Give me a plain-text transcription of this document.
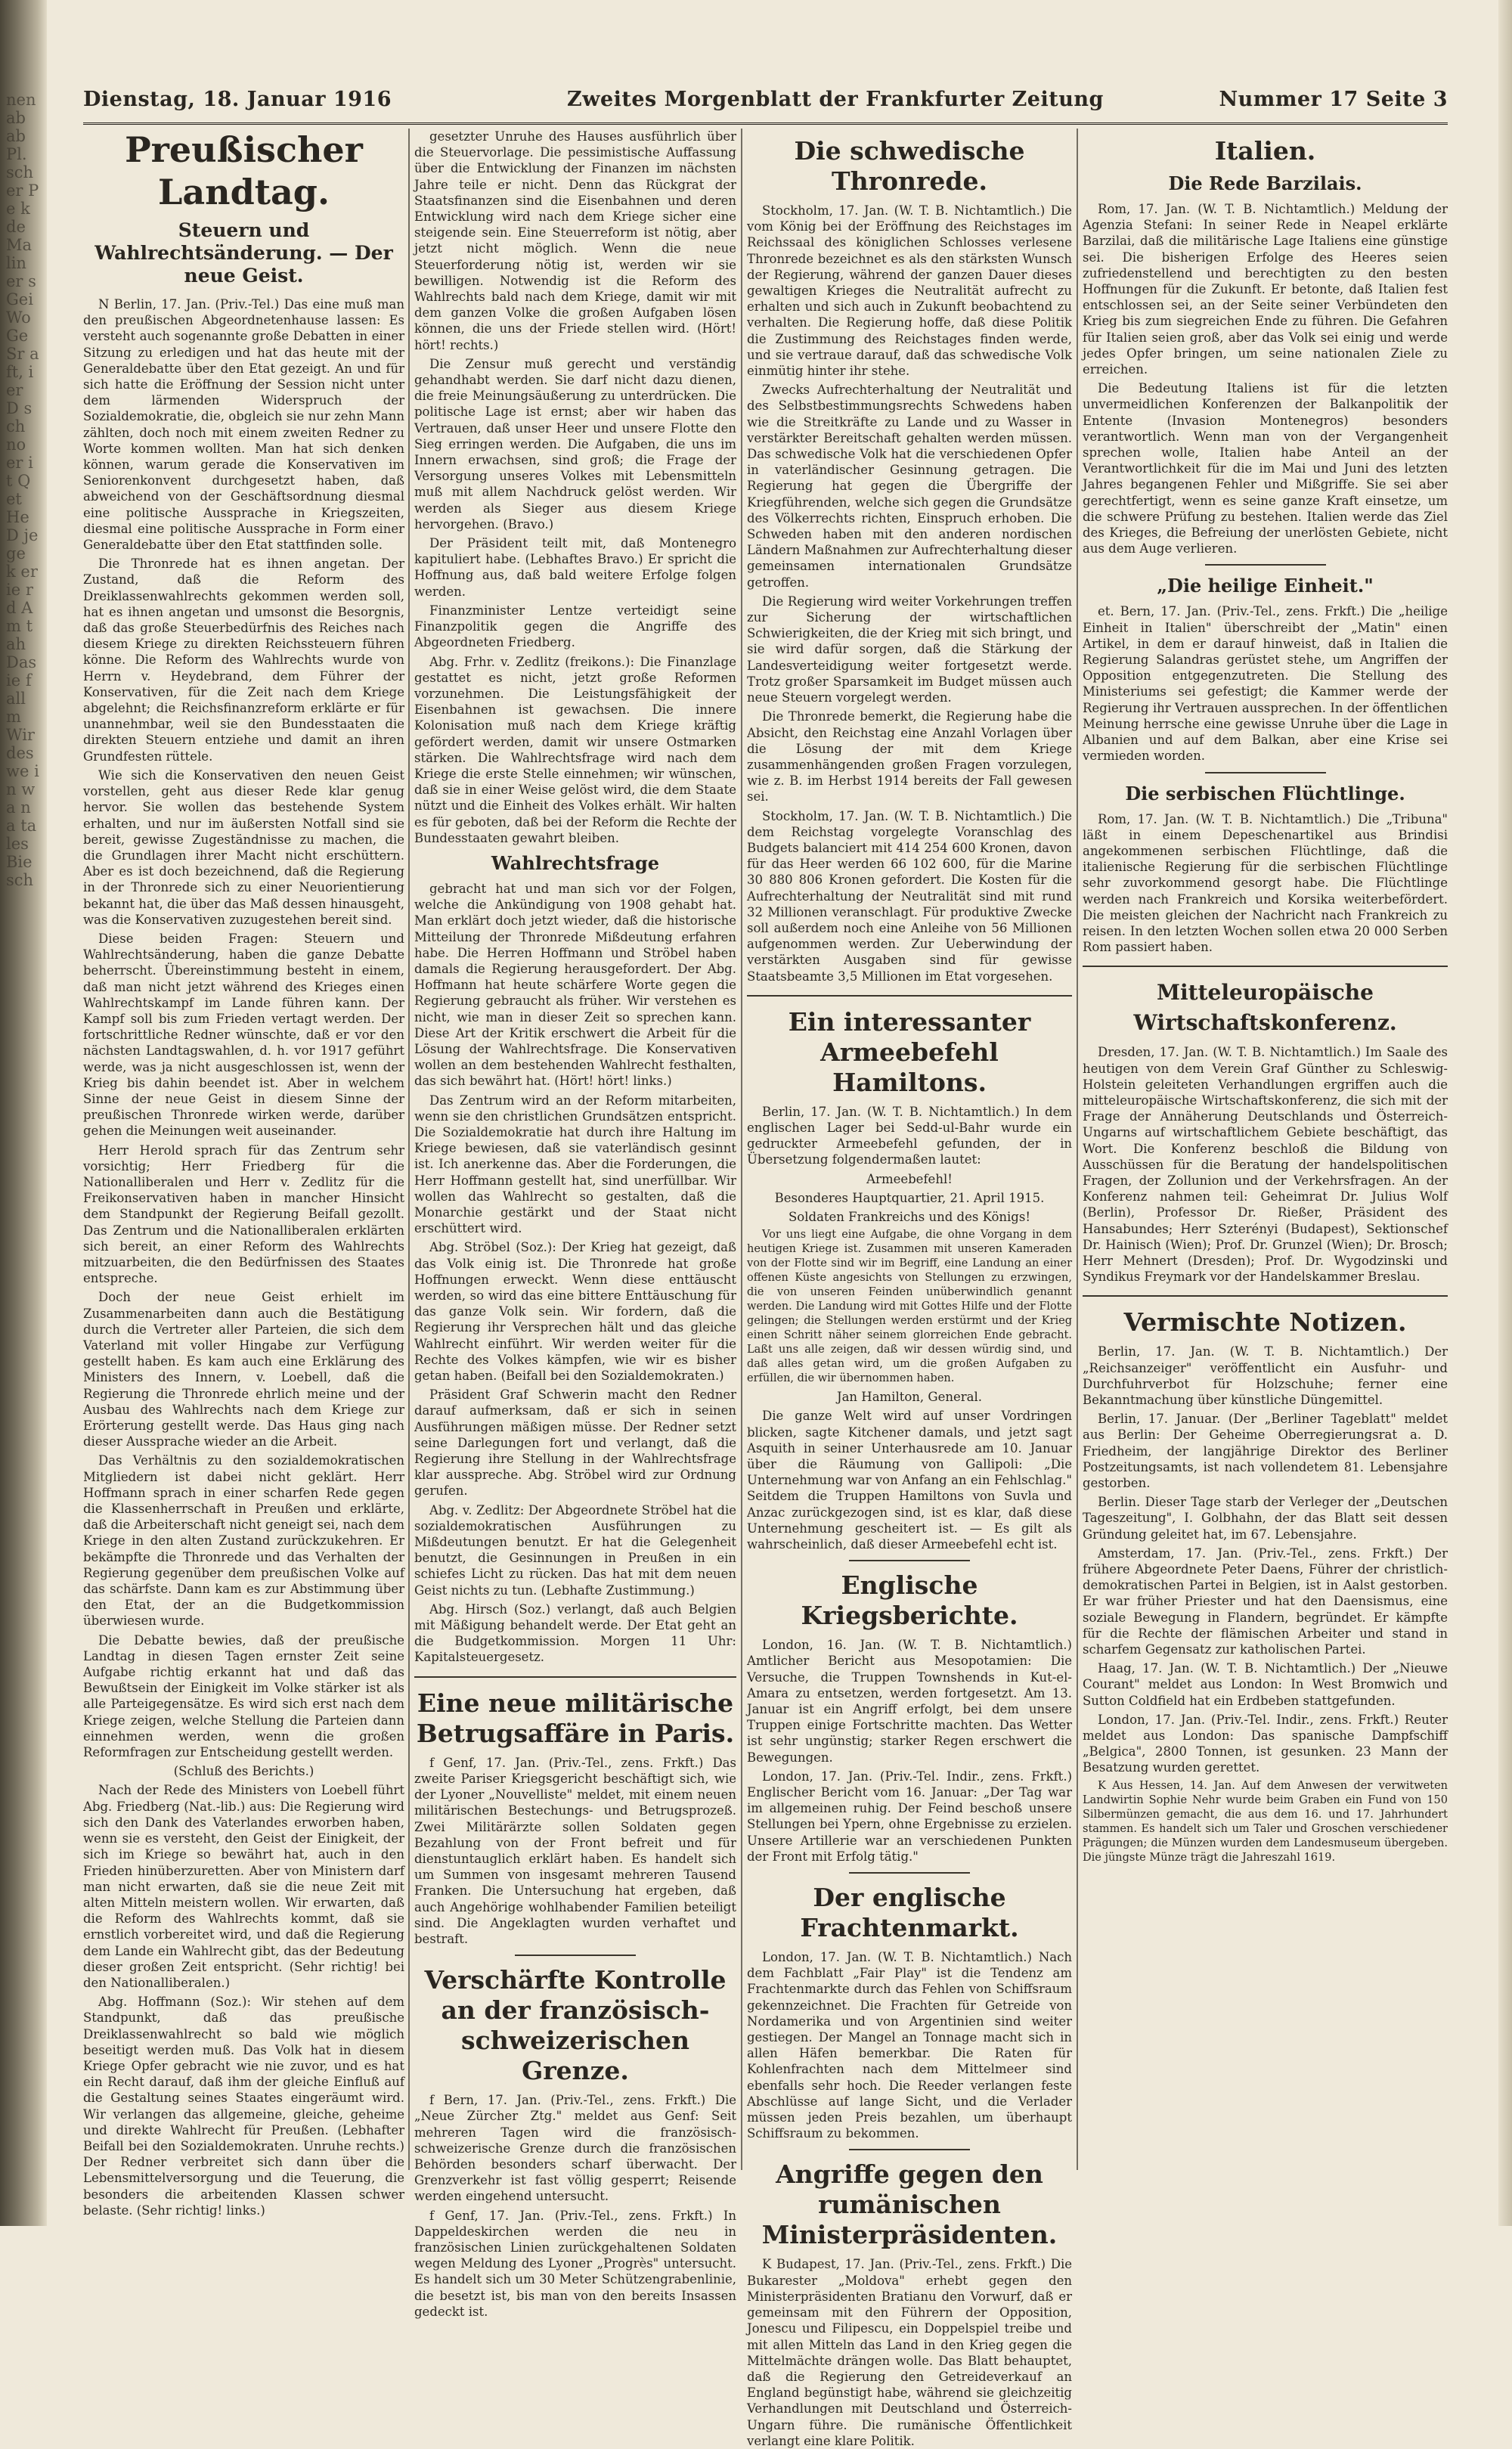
nen ab ab Pl. sch er Pe k de Ma lin er s Gei Wo Ge Sr aft, ier D sch no er it Qet He D je ge k er ie rd Am tah Das ie fall m Wir des we in wa na ta les Bie sch
Dienstag, 18. Januar 1916	Zweites Morgenblatt der Frankfurter Zeitung	Nummer 17 Seite 3
Preußischer Landtag.
Steuern und Wahlrechtsänderung. — Der neue Geist.

N Berlin, 17. Jan. (Priv.-Tel.) Das eine muß man den preußischen Abgeordnetenhause lassen: Es versteht auch sogenannte große Debatten in einer Sitzung zu erledigen und hat das heute mit der Generaldebatte über den Etat gezeigt. An und für sich hatte die Eröffnung der Session nicht unter dem lärmenden Widerspruch der Sozialdemokratie, die, obgleich sie nur zehn Mann zählten, doch noch mit einem zweiten Redner zu Worte kommen wollten. Man hat sich denken können, warum gerade die Konservativen im Seniorenkonvent durchgesetzt haben, daß abweichend von der Geschäftsordnung diesmal eine politische Aussprache in Kriegszeiten, diesmal eine politische Aussprache in Form einer Generaldebatte über den Etat stattfinden solle.

Die Thronrede hat es ihnen angetan. Der Zustand, daß die Reform des Dreiklassenwahlrechts gekommen werden soll, hat es ihnen angetan und umsonst die Besorgnis, daß das große Steuerbedürfnis des Reiches nach diesem Kriege zu direkten Reichssteuern führen könne. Die Reform des Wahlrechts wurde von Herrn v. Heydebrand, dem Führer der Konservativen, für die Zeit nach dem Kriege abgelehnt; die Reichsfinanzreform erklärte er für unannehmbar, weil sie den Bundesstaaten die direkten Steuern entziehe und damit an ihren Grundfesten rüttele.

Wie sich die Konservativen den neuen Geist vorstellen, geht aus dieser Rede klar genug hervor. Sie wollen das bestehende System erhalten, und nur im äußersten Notfall sind sie bereit, gewisse Zugeständnisse zu machen, die die Grundlagen ihrer Macht nicht erschüttern. Aber es ist doch bezeichnend, daß die Regierung in der Thronrede sich zu einer Neuorientierung bekannt hat, die über das Maß dessen hinausgeht, was die Konservativen zuzugestehen bereit sind.

Diese beiden Fragen: Steuern und Wahlrechtsänderung, haben die ganze Debatte beherrscht. Übereinstimmung besteht in einem, daß man nicht jetzt während des Krieges einen Wahlrechtskampf im Lande führen kann. Der Kampf soll bis zum Frieden vertagt werden. Der fortschrittliche Redner wünschte, daß er vor den nächsten Landtagswahlen, d. h. vor 1917 geführt werde, was ja nicht ausgeschlossen ist, wenn der Krieg bis dahin beendet ist. Aber in welchem Sinne der neue Geist in diesem Sinne der preußischen Thronrede wirken werde, darüber gehen die Meinungen weit auseinander.

Herr Herold sprach für das Zentrum sehr vorsichtig; Herr Friedberg für die Nationalliberalen und Herr v. Zedlitz für die Freikonservativen haben in mancher Hinsicht dem Standpunkt der Regierung Beifall gezollt. Das Zentrum und die Nationalliberalen erklärten sich bereit, an einer Reform des Wahlrechts mitzuarbeiten, die den Bedürfnissen des Staates entspreche.

Doch der neue Geist erhielt im Zusammenarbeiten dann auch die Bestätigung durch die Vertreter aller Parteien, die sich dem Vaterland mit voller Hingabe zur Verfügung gestellt haben. Es kam auch eine Erklärung des Ministers des Innern, v. Loebell, daß die Regierung die Thronrede ehrlich meine und der Ausbau des Wahlrechts nach dem Kriege zur Erörterung gestellt werde. Das Haus ging nach dieser Aussprache wieder an die Arbeit.

Das Verhältnis zu den sozialdemokratischen Mitgliedern ist dabei nicht geklärt. Herr Hoffmann sprach in einer scharfen Rede gegen die Klassenherrschaft in Preußen und erklärte, daß die Arbeiterschaft nicht geneigt sei, nach dem Kriege in den alten Zustand zurückzukehren. Er bekämpfte die Thronrede und das Verhalten der Regierung gegenüber dem preußischen Volke auf das schärfste. Dann kam es zur Abstimmung über den Etat, der an die Budgetkommission überwiesen wurde.

Die Debatte bewies, daß der preußische Landtag in diesen Tagen ernster Zeit seine Aufgabe richtig erkannt hat und daß das Bewußtsein der Einigkeit im Volke stärker ist als alle Parteigegensätze. Es wird sich erst nach dem Kriege zeigen, welche Stellung die Parteien dann einnehmen werden, wenn die großen Reformfragen zur Entscheidung gestellt werden.

(Schluß des Berichts.)

Nach der Rede des Ministers von Loebell führt Abg. Friedberg (Nat.-lib.) aus: Die Regierung wird sich den Dank des Vaterlandes erworben haben, wenn sie es versteht, den Geist der Einigkeit, der sich im Kriege so bewährt hat, auch in den Frieden hinüberzuretten. Aber von Ministern darf man nicht erwarten, daß sie die neue Zeit mit alten Mitteln meistern wollen. Wir erwarten, daß die Reform des Wahlrechts kommt, daß sie ernstlich vorbereitet wird, und daß die Regierung dem Lande ein Wahlrecht gibt, das der Bedeutung dieser großen Zeit entspricht. (Sehr richtig! bei den Nationalliberalen.)

Abg. Hoffmann (Soz.): Wir stehen auf dem Standpunkt, daß das preußische Dreiklassenwahlrecht so bald wie möglich beseitigt werden muß. Das Volk hat in diesem Kriege Opfer gebracht wie nie zuvor, und es hat ein Recht darauf, daß ihm der gleiche Einfluß auf die Gestaltung seines Staates eingeräumt wird. Wir verlangen das allgemeine, gleiche, geheime und direkte Wahlrecht für Preußen. (Lebhafter Beifall bei den Sozialdemokraten. Unruhe rechts.) Der Redner verbreitet sich dann über die Lebensmittelversorgung und die Teuerung, die besonders die arbeitenden Klassen schwer belaste. (Sehr richtig! links.)

gesetzter Unruhe des Hauses ausführlich über die Steuervorlage. Die pessimistische Auffassung über die Entwicklung der Finanzen im nächsten Jahre teile er nicht. Denn das Rückgrat der Staatsfinanzen sind die Eisenbahnen und deren Entwicklung wird nach dem Kriege sicher eine steigende sein. Eine Steuerreform ist nötig, aber jetzt nicht möglich. Wenn die neue Steuerforderung nötig ist, werden wir sie bewilligen. Notwendig ist die Reform des Wahlrechts bald nach dem Kriege, damit wir mit dem ganzen Volke die großen Aufgaben lösen können, die uns der Friede stellen wird. (Hört! hört! rechts.)

Die Zensur muß gerecht und verständig gehandhabt werden. Sie darf nicht dazu dienen, die freie Meinungsäußerung zu unterdrücken. Die politische Lage ist ernst; aber wir haben das Vertrauen, daß unser Heer und unsere Flotte den Sieg erringen werden. Die Aufgaben, die uns im Innern erwachsen, sind groß; die Frage der Versorgung unseres Volkes mit Lebensmitteln muß mit allem Nachdruck gelöst werden. Wir werden als Sieger aus diesem Kriege hervorgehen. (Bravo.)

Der Präsident teilt mit, daß Montenegro kapituliert habe. (Lebhaftes Bravo.) Er spricht die Hoffnung aus, daß bald weitere Erfolge folgen werden.

Finanzminister Lentze verteidigt seine Finanzpolitik gegen die Angriffe des Abgeordneten Friedberg.

Abg. Frhr. v. Zedlitz (freikons.): Die Finanzlage gestattet es nicht, jetzt große Reformen vorzunehmen. Die Leistungsfähigkeit der Eisenbahnen ist gewachsen. Die innere Kolonisation muß nach dem Kriege kräftig gefördert werden, damit wir unsere Ostmarken stärken. Die Wahlrechtsfrage wird nach dem Kriege die erste Stelle einnehmen; wir wünschen, daß sie in einer Weise gelöst wird, die dem Staate nützt und die Einheit des Volkes erhält. Wir halten es für geboten, daß bei der Reform die Rechte der Bundesstaaten gewahrt bleiben.

Wahlrechtsfrage

gebracht hat und man sich vor der Folgen, welche die Ankündigung von 1908 gehabt hat. Man erklärt doch jetzt wieder, daß die historische Mitteilung der Thronrede Mißdeutung erfahren habe. Die Herren Hoffmann und Ströbel haben damals die Regierung herausgefordert. Der Abg. Hoffmann hat heute schärfere Worte gegen die Regierung gebraucht als früher. Wir verstehen es nicht, wie man in dieser Zeit so sprechen kann. Diese Art der Kritik erschwert die Arbeit für die Lösung der Wahlrechtsfrage. Die Konservativen wollen an dem bestehenden Wahlrecht festhalten, das sich bewährt hat. (Hört! hört! links.)

Das Zentrum wird an der Reform mitarbeiten, wenn sie den christlichen Grundsätzen entspricht. Die Sozialdemokratie hat durch ihre Haltung im Kriege bewiesen, daß sie vaterländisch gesinnt ist. Ich anerkenne das. Aber die Forderungen, die Herr Hoffmann gestellt hat, sind unerfüllbar. Wir wollen das Wahlrecht so gestalten, daß die Monarchie gestärkt und der Staat nicht erschüttert wird.

Abg. Ströbel (Soz.): Der Krieg hat gezeigt, daß das Volk einig ist. Die Thronrede hat große Hoffnungen erweckt. Wenn diese enttäuscht werden, so wird das eine bittere Enttäuschung für das ganze Volk sein. Wir fordern, daß die Regierung ihr Versprechen hält und das gleiche Wahlrecht einführt. Wir werden weiter für die Rechte des Volkes kämpfen, wie wir es bisher getan haben. (Beifall bei den Sozialdemokraten.)

Präsident Graf Schwerin macht den Redner darauf aufmerksam, daß er sich in seinen Ausführungen mäßigen müsse. Der Redner setzt seine Darlegungen fort und verlangt, daß die Regierung ihre Stellung in der Wahlrechtsfrage klar ausspreche. Abg. Ströbel wird zur Ordnung gerufen.

Abg. v. Zedlitz: Der Abgeordnete Ströbel hat die sozialdemokratischen Ausführungen zu Mißdeutungen benutzt. Er hat die Gelegenheit benutzt, die Gesinnungen in Preußen in ein schiefes Licht zu rücken. Das hat mit dem neuen Geist nichts zu tun. (Lebhafte Zustimmung.)

Abg. Hirsch (Soz.) verlangt, daß auch Belgien mit Mäßigung behandelt werde. Der Etat geht an die Budgetkommission. Morgen 11 Uhr: Kapitalsteuergesetz.

Eine neue militärische Betrugsaffäre in Paris.

f Genf, 17. Jan. (Priv.-Tel., zens. Frkft.) Das zweite Pariser Kriegsgericht beschäftigt sich, wie der Lyoner „Nouvelliste" meldet, mit einem neuen militärischen Bestechungs- und Betrugsprozeß. Zwei Militärärzte sollen Soldaten gegen Bezahlung von der Front befreit und für dienstuntauglich erklärt haben. Es handelt sich um Summen von insgesamt mehreren Tausend Franken. Die Untersuchung hat ergeben, daß auch Angehörige wohlhabender Familien beteiligt sind. Die Angeklagten wurden verhaftet und bestraft.

Verschärfte Kontrolle an der französisch-schweizerischen Grenze.

f Bern, 17. Jan. (Priv.-Tel., zens. Frkft.) Die „Neue Zürcher Ztg." meldet aus Genf: Seit mehreren Tagen wird die französisch-schweizerische Grenze durch die französischen Behörden besonders scharf überwacht. Der Grenzverkehr ist fast völlig gesperrt; Reisende werden eingehend untersucht.

f Genf, 17. Jan. (Priv.-Tel., zens. Frkft.) In Dappeldeskirchen werden die neu in französischen Linien zurückgehaltenen Soldaten wegen Meldung des Lyoner „Progrès" untersucht. Es handelt sich um 30 Meter Schützengrabenlinie, die besetzt ist, bis man von den bereits Insassen gedeckt ist.

Die schwedische Thronrede.

Stockholm, 17. Jan. (W. T. B. Nichtamtlich.) Die vom König bei der Eröffnung des Reichstages im Reichssaal des königlichen Schlosses verlesene Thronrede bezeichnet es als den stärksten Wunsch der Regierung, während der ganzen Dauer dieses gewaltigen Krieges die Neutralität aufrecht zu erhalten und sich auch in Zukunft beobachtend zu verhalten. Die Regierung hoffe, daß diese Politik die Zustimmung des Reichstages finden werde, und sie vertraue darauf, daß das schwedische Volk einmütig hinter ihr stehe.

Zwecks Aufrechterhaltung der Neutralität und des Selbstbestimmungsrechts Schwedens haben wie die Streitkräfte zu Lande und zu Wasser in verstärkter Bereitschaft gehalten werden müssen. Das schwedische Volk hat die verschiedenen Opfer in vaterländischer Gesinnung getragen. Die Regierung hat gegen die Übergriffe der Kriegführenden, welche sich gegen die Grundsätze des Völkerrechts richten, Einspruch erhoben. Die Schweden haben mit den anderen nordischen Ländern Maßnahmen zur Aufrechterhaltung dieser gemeinsamen internationalen Grundsätze getroffen.

Die Regierung wird weiter Vorkehrungen treffen zur Sicherung der wirtschaftlichen Schwierigkeiten, die der Krieg mit sich bringt, und sie wird dafür sorgen, daß die Stärkung der Landesverteidigung weiter fortgesetzt werde. Trotz großer Sparsamkeit im Budget müssen auch neue Steuern vorgelegt werden.

Die Thronrede bemerkt, die Regierung habe die Absicht, den Reichstag eine Anzahl Vorlagen über die Lösung der mit dem Kriege zusammenhängenden großen Fragen vorzulegen, wie z. B. im Herbst 1914 bereits der Fall gewesen sei.

Stockholm, 17. Jan. (W. T. B. Nichtamtlich.) Die dem Reichstag vorgelegte Voranschlag des Budgets balanciert mit 414 254 600 Kronen, davon für das Heer werden 66 102 600, für die Marine 30 880 806 Kronen gefordert. Die Kosten für die Aufrechterhaltung der Neutralität sind mit rund 32 Millionen veranschlagt. Für produktive Zwecke soll außerdem noch eine Anleihe von 56 Millionen aufgenommen werden. Zur Ueberwindung der verstärkten Ausgaben sind für gewisse Staatsbeamte 3,5 Millionen im Etat vorgesehen.

Ein interessanter Armeebefehl Hamiltons.

Berlin, 17. Jan. (W. T. B. Nichtamtlich.) In dem englischen Lager bei Sedd-ul-Bahr wurde ein gedruckter Armeebefehl gefunden, der in Übersetzung folgendermaßen lautet:

Armeebefehl!

Besonderes Hauptquartier, 21. April 1915.

Soldaten Frankreichs und des Königs!

Vor uns liegt eine Aufgabe, die ohne Vorgang in dem heutigen Kriege ist. Zusammen mit unseren Kameraden von der Flotte sind wir im Begriff, eine Landung an einer offenen Küste angesichts von Stellungen zu erzwingen, die von unseren Feinden unüberwindlich genannt werden. Die Landung wird mit Gottes Hilfe und der Flotte gelingen; die Stellungen werden erstürmt und der Krieg einen Schritt näher seinem glorreichen Ende gebracht. Laßt uns alle zeigen, daß wir dessen würdig sind, und daß alles getan wird, um die großen Aufgaben zu erfüllen, die wir übernommen haben.

Jan Hamilton, General.

Die ganze Welt wird auf unser Vordringen blicken, sagte Kitchener damals, und jetzt sagt Asquith in seiner Unterhausrede am 10. Januar über die Räumung von Gallipoli: „Die Unternehmung war von Anfang an ein Fehlschlag." Seitdem die Truppen Hamiltons von Suvla und Anzac zurückgezogen sind, ist es klar, daß diese Unternehmung gescheitert ist. — Es gilt als wahrscheinlich, daß dieser Armeebefehl echt ist.

Englische Kriegsberichte.

London, 16. Jan. (W. T. B. Nichtamtlich.) Amtlicher Bericht aus Mesopotamien: Die Versuche, die Truppen Townshends in Kut-el-Amara zu entsetzen, werden fortgesetzt. Am 13. Januar ist ein Angriff erfolgt, bei dem unsere Truppen einige Fortschritte machten. Das Wetter ist sehr ungünstig; starker Regen erschwert die Bewegungen.

London, 17. Jan. (Priv.-Tel. Indir., zens. Frkft.) Englischer Bericht vom 16. Januar: „Der Tag war im allgemeinen ruhig. Der Feind beschoß unsere Stellungen bei Ypern, ohne Ergebnisse zu erzielen. Unsere Artillerie war an verschiedenen Punkten der Front mit Erfolg tätig."

Der englische Frachtenmarkt.

London, 17. Jan. (W. T. B. Nichtamtlich.) Nach dem Fachblatt „Fair Play" ist die Tendenz am Frachtenmarkte durch das Fehlen von Schiffsraum gekennzeichnet. Die Frachten für Getreide von Nordamerika und von Argentinien sind weiter gestiegen. Der Mangel an Tonnage macht sich in allen Häfen bemerkbar. Die Raten für Kohlenfrachten nach dem Mittelmeer sind ebenfalls sehr hoch. Die Reeder verlangen feste Abschlüsse auf lange Sicht, und die Verlader müssen jeden Preis bezahlen, um überhaupt Schiffsraum zu bekommen.

Angriffe gegen den rumänischen Ministerpräsidenten.

K Budapest, 17. Jan. (Priv.-Tel., zens. Frkft.) Die Bukarester „Moldova" erhebt gegen den Ministerpräsidenten Bratianu den Vorwurf, daß er gemeinsam mit den Führern der Opposition, Jonescu und Filipescu, ein Doppelspiel treibe und mit allen Mitteln das Land in den Krieg gegen die Mittelmächte drängen wolle. Das Blatt behauptet, daß die Regierung den Getreideverkauf an England begünstigt habe, während sie gleichzeitig Verhandlungen mit Deutschland und Österreich-Ungarn führe. Die rumänische Öffentlichkeit verlangt eine klare Politik.

Italien.
Die Rede Barzilais.

Rom, 17. Jan. (W. T. B. Nichtamtlich.) Meldung der Agenzia Stefani: In seiner Rede in Neapel erklärte Barzilai, daß die militärische Lage Italiens eine günstige sei. Die bisherigen Erfolge des Heeres seien zufriedenstellend und berechtigten zu den besten Hoffnungen für die Zukunft. Er betonte, daß Italien fest entschlossen sei, an der Seite seiner Verbündeten den Krieg bis zum siegreichen Ende zu führen. Die Gefahren für Italien seien groß, aber das Volk sei einig und werde jedes Opfer bringen, um seine nationalen Ziele zu erreichen.

Die Bedeutung Italiens ist für die letzten unvermeidlichen Konferenzen der Balkanpolitik der Entente (Invasion Montenegros) besonders verantwortlich. Wenn man von der Vergangenheit sprechen wolle, Italien habe Anteil an der Verantwortlichkeit für die im Mai und Juni des letzten Jahres begangenen Fehler und Mißgriffe. Sie sei aber gerechtfertigt, wenn es seine ganze Kraft einsetze, um die schwere Prüfung zu bestehen. Italien werde das Ziel des Krieges, die Befreiung der unerlösten Gebiete, nicht aus dem Auge verlieren.

„Die heilige Einheit."

et. Bern, 17. Jan. (Priv.-Tel., zens. Frkft.) Die „heilige Einheit in Italien" überschreibt der „Matin" einen Artikel, in dem er darauf hinweist, daß in Italien die Regierung Salandras gerüstet stehe, um Angriffen der Opposition entgegenzutreten. Die Stellung des Ministeriums sei gefestigt; die Kammer werde der Regierung ihr Vertrauen aussprechen. In der öffentlichen Meinung herrsche eine gewisse Unruhe über die Lage in Albanien und auf dem Balkan, aber eine Krise sei vermieden worden.

Die serbischen Flüchtlinge.

Rom, 17. Jan. (W. T. B. Nichtamtlich.) Die „Tribuna" läßt in einem Depeschenartikel aus Brindisi angekommenen serbischen Flüchtlinge, daß die italienische Regierung für die serbischen Flüchtlinge sehr zuvorkommend gesorgt habe. Die Flüchtlinge werden nach Frankreich und Korsika weiterbefördert. Die meisten gleichen der Nachricht nach Frankreich zu reisen. In den letzten Wochen sollen etwa 20 000 Serben Rom passiert haben.

Mitteleuropäische Wirtschaftskonferenz.

Dresden, 17. Jan. (W. T. B. Nichtamtlich.) Im Saale des heutigen von dem Verein Graf Günther zu Schleswig-Holstein geleiteten Verhandlungen ergriffen auch die mitteleuropäische Wirtschaftskonferenz, die sich mit der Frage der Annäherung Deutschlands und Österreich-Ungarns auf wirtschaftlichem Gebiete beschäftigt, das Wort. Die Konferenz beschloß die Bildung von Ausschüssen für die Beratung der handelspolitischen Fragen, der Zollunion und der Verkehrsfragen. An der Konferenz nahmen teil: Geheimrat Dr. Julius Wolf (Berlin), Professor Dr. Rießer, Präsident des Hansabundes; Herr Szterényi (Budapest), Sektionschef Dr. Hainisch (Wien); Prof. Dr. Grunzel (Wien); Dr. Brosch; Herr Mehnert (Dresden); Prof. Dr. Wygodzinski und Syndikus Freymark vor der Handelskammer Breslau.

Vermischte Notizen.

Berlin, 17. Jan. (W. T. B. Nichtamtlich.) Der „Reichsanzeiger" veröffentlicht ein Ausfuhr- und Durchfuhrverbot für Holzschuhe; ferner eine Bekanntmachung über künstliche Düngemittel.

Berlin, 17. Januar. (Der „Berliner Tageblatt" meldet aus Berlin: Der Geheime Oberregierungsrat a. D. Friedheim, der langjährige Direktor des Berliner Postzeitungsamts, ist nach vollendetem 81. Lebensjahre gestorben.

Berlin. Dieser Tage starb der Verleger der „Deutschen Tageszeitung", I. Golbhahn, der das Blatt seit dessen Gründung geleitet hat, im 67. Lebensjahre.

Amsterdam, 17. Jan. (Priv.-Tel., zens. Frkft.) Der frühere Abgeordnete Peter Daens, Führer der christlich-demokratischen Partei in Belgien, ist in Aalst gestorben. Er war früher Priester und hat den Daensismus, eine soziale Bewegung in Flandern, begründet. Er kämpfte für die Rechte der flämischen Arbeiter und stand in scharfem Gegensatz zur katholischen Partei.

Haag, 17. Jan. (W. T. B. Nichtamtlich.) Der „Nieuwe Courant" meldet aus London: In West Bromwich und Sutton Coldfield hat ein Erdbeben stattgefunden.

London, 17. Jan. (Priv.-Tel. Indir., zens. Frkft.) Reuter meldet aus London: Das spanische Dampfschiff „Belgica", 2800 Tonnen, ist gesunken. 23 Mann der Besatzung wurden gerettet.

K Aus Hessen, 14. Jan. Auf dem Anwesen der verwitweten Landwirtin Sophie Nehr wurde beim Graben ein Fund von 150 Silbermünzen gemacht, die aus dem 16. und 17. Jahrhundert stammen. Es handelt sich um Taler und Groschen verschiedener Prägungen; die Münzen wurden dem Landesmuseum übergeben. Die jüngste Münze trägt die Jahreszahl 1619.
